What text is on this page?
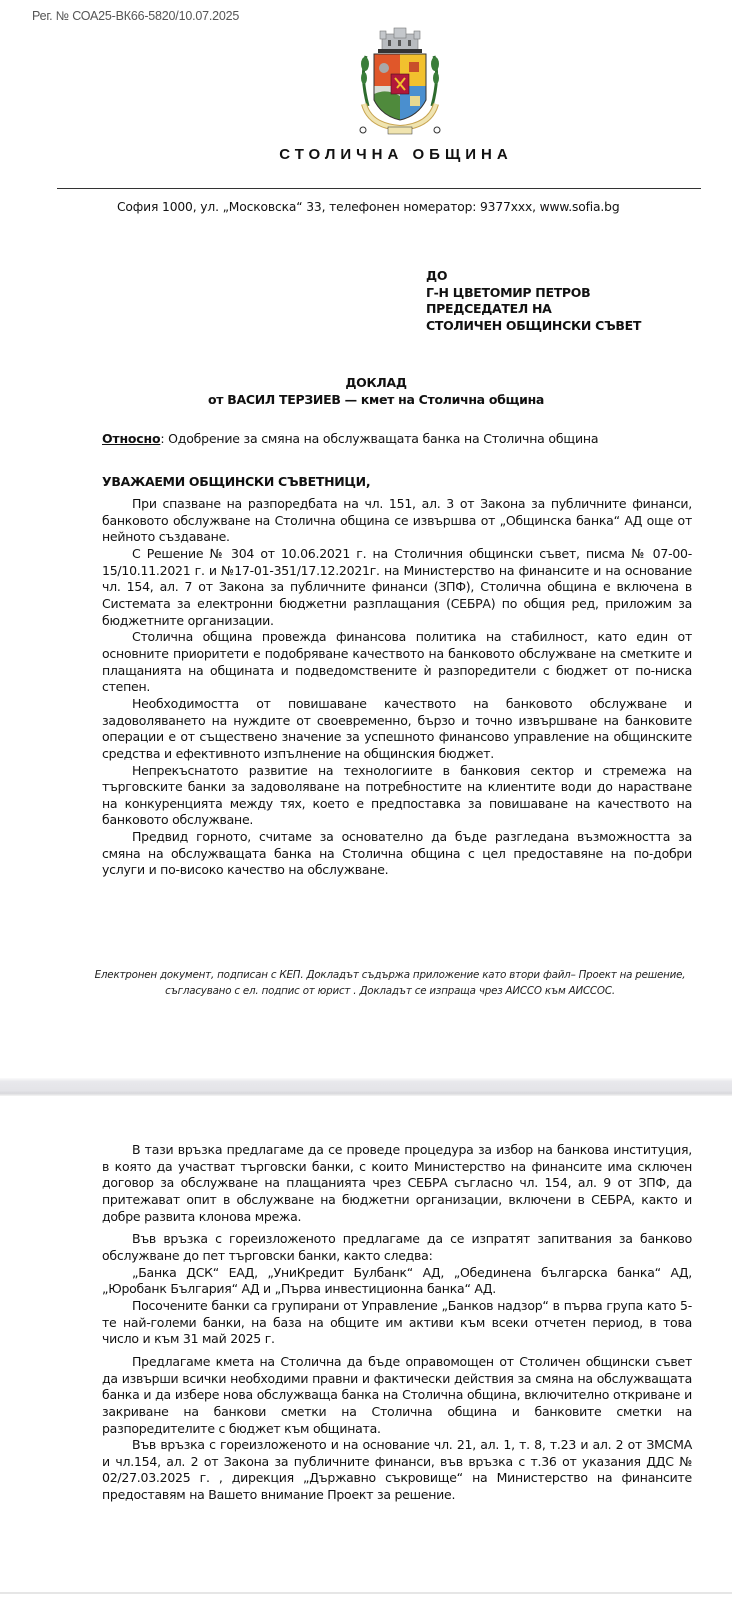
Рег. № СОА25-ВК66-5820/10.07.2025
СТОЛИЧНА ОБЩИНА
София 1000, ул. „Московска“ 33, телефонен номератор: 9377xxx, www.sofia.bg
ДО
Г-Н ЦВЕТОМИР ПЕТРОВ
ПРЕДСЕДАТЕЛ НА
СТОЛИЧЕН ОБЩИНСКИ СЪВЕТ
ДОКЛАД
от ВАСИЛ ТЕРЗИЕВ — кмет на Столична община
Относно: Одобрение за смяна на обслужващата банка на Столична община
УВАЖАЕМИ ОБЩИНСКИ СЪВЕТНИЦИ,

При спазване на разпоредбата на чл. 151, ал. 3 от Закона за публичните финанси, банковото обслужване на Столична община се извършва от „Общинска банка“ АД още от нейното създаване.

С Решение № 304 от 10.06.2021 г. на Столичния общински съвет, писма № 07-00-15/10.11.2021 г. и №17-01-351/17.12.2021г. на Министерство на финансите и на основание чл. 154, ал. 7 от Закона за публичните финанси (ЗПФ), Столична община е включена в Системата за електронни бюджетни разплащания (СЕБРА) по общия ред, приложим за бюджетните организации.

Столична община провежда финансова политика на стабилност, като един от основните приоритети е подобряване качеството на банковото обслужване на сметките и плащанията на общината и подведомствените ѝ разпоредители с бюджет от по-ниска степен.

Необходимостта от повишаване качеството на банковото обслужване и задоволяването на нуждите от своевременно, бързо и точно извършване на банковите операции е от съществено значение за успешното финансово управление на общинските средства и ефективното изпълнение на общинския бюджет.

Непрекъснатото развитие на технологиите в банковия сектор и стремежа на търговските банки за задоволяване на потребностите на клиентите води до нарастване на конкуренцията между тях, което е предпоставка за повишаване на качеството на банковото обслужване.

Предвид горното, считаме за основателно да бъде разгледана възможността за смяна на обслужващата банка на Столична община с цел предоставяне на по-добри услуги и по-високо качество на обслужване.

Електронен документ, подписан с КЕП. Докладът съдържа приложение като втори файл– Проект на решение, съгласувано с ел. подпис от юрист . Докладът се изпраща чрез АИССО към АИССОС.

В тази връзка предлагаме да се проведе процедура за избор на банкова институция, в която да участват търговски банки, с които Министерство на финансите има сключен договор за обслужване на плащанията чрез СЕБРА съгласно чл. 154, ал. 9 от ЗПФ, да притежават опит в обслужване на бюджетни организации, включени в СЕБРА, както и добре развита клонова мрежа.

Във връзка с гореизложеното предлагаме да се изпратят запитвания за банково обслужване до пет търговски банки, както следва:

„Банка ДСК“ ЕАД, „УниКредит Булбанк“ АД, „Обединена българска банка“ АД, „Юробанк България“ АД и „Първа инвестиционна банка“ АД.

Посочените банки са групирани от Управление „Банков надзор“ в първа група като 5-те най-големи банки, на база на общите им активи към всеки отчетен период, в това число и към 31 май 2025 г.

Предлагаме кмета на Столична да бъде оправомощен от Столичен общински съвет да извърши всички необходими правни и фактически действия за смяна на обслужващата банка и да избере нова обслужваща банка на Столична община, включително откриване и закриване на банкови сметки на Столична община и банковите сметки на разпоредителите с бюджет към общината.

Във връзка с гореизложеното и на основание чл. 21, ал. 1, т. 8, т.23 и ал. 2 от ЗМСМА и чл.154, ал. 2 от Закона за публичните финанси, във връзка с т.36 от указания ДДС № 02/27.03.2025 г. , дирекция „Държавно съкровище“ на Министерство на финансите предоставям на Вашето внимание Проект за решение.
